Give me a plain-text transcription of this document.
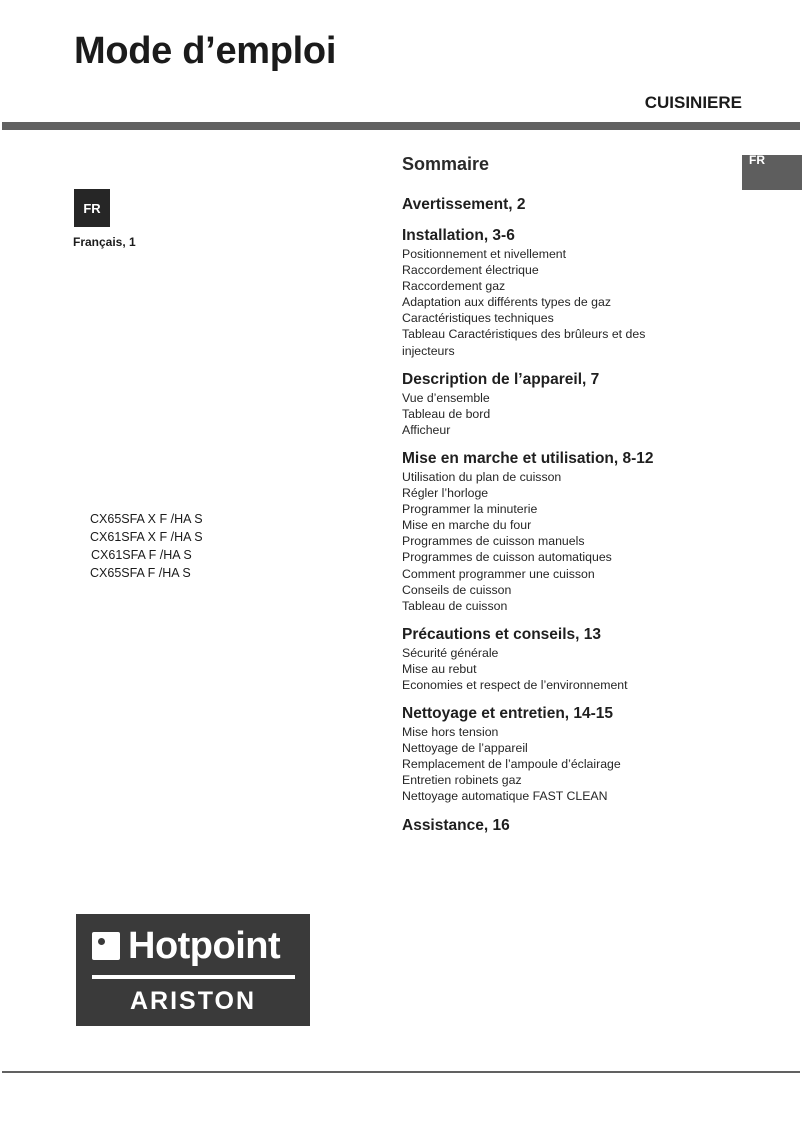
Mode d’emploi
CUISINIERE
FR
FR
Français, 1
CX65SFA X F /HA S
CX61SFA X F /HA S
CX61SFA F /HA S
CX65SFA F /HA S
Sommaire
Avertissement, 2
Installation, 3-6
Positionnement et nivellement
Raccordement électrique
Raccordement gaz
Adaptation aux différents types de gaz
Caractéristiques techniques
Tableau Caractéristiques des brûleurs et des
injecteurs
Description de l’appareil, 7
Vue d’ensemble
Tableau de bord
Afficheur
Mise en marche et utilisation, 8-12
Utilisation du plan de cuisson
Régler l’horloge
Programmer la minuterie
Mise en marche du four
Programmes de cuisson manuels
Programmes de cuisson automatiques
Comment programmer une cuisson
Conseils de cuisson
Tableau de cuisson
Précautions et conseils, 13
Sécurité générale
Mise au rebut
Economies et respect de l’environnement
Nettoyage et entretien, 14-15
Mise hors tension
Nettoyage de l’appareil
Remplacement de l’ampoule d’éclairage
Entretien robinets gaz
Nettoyage automatique FAST CLEAN
Assistance, 16
Hotpoint
ARISTON
